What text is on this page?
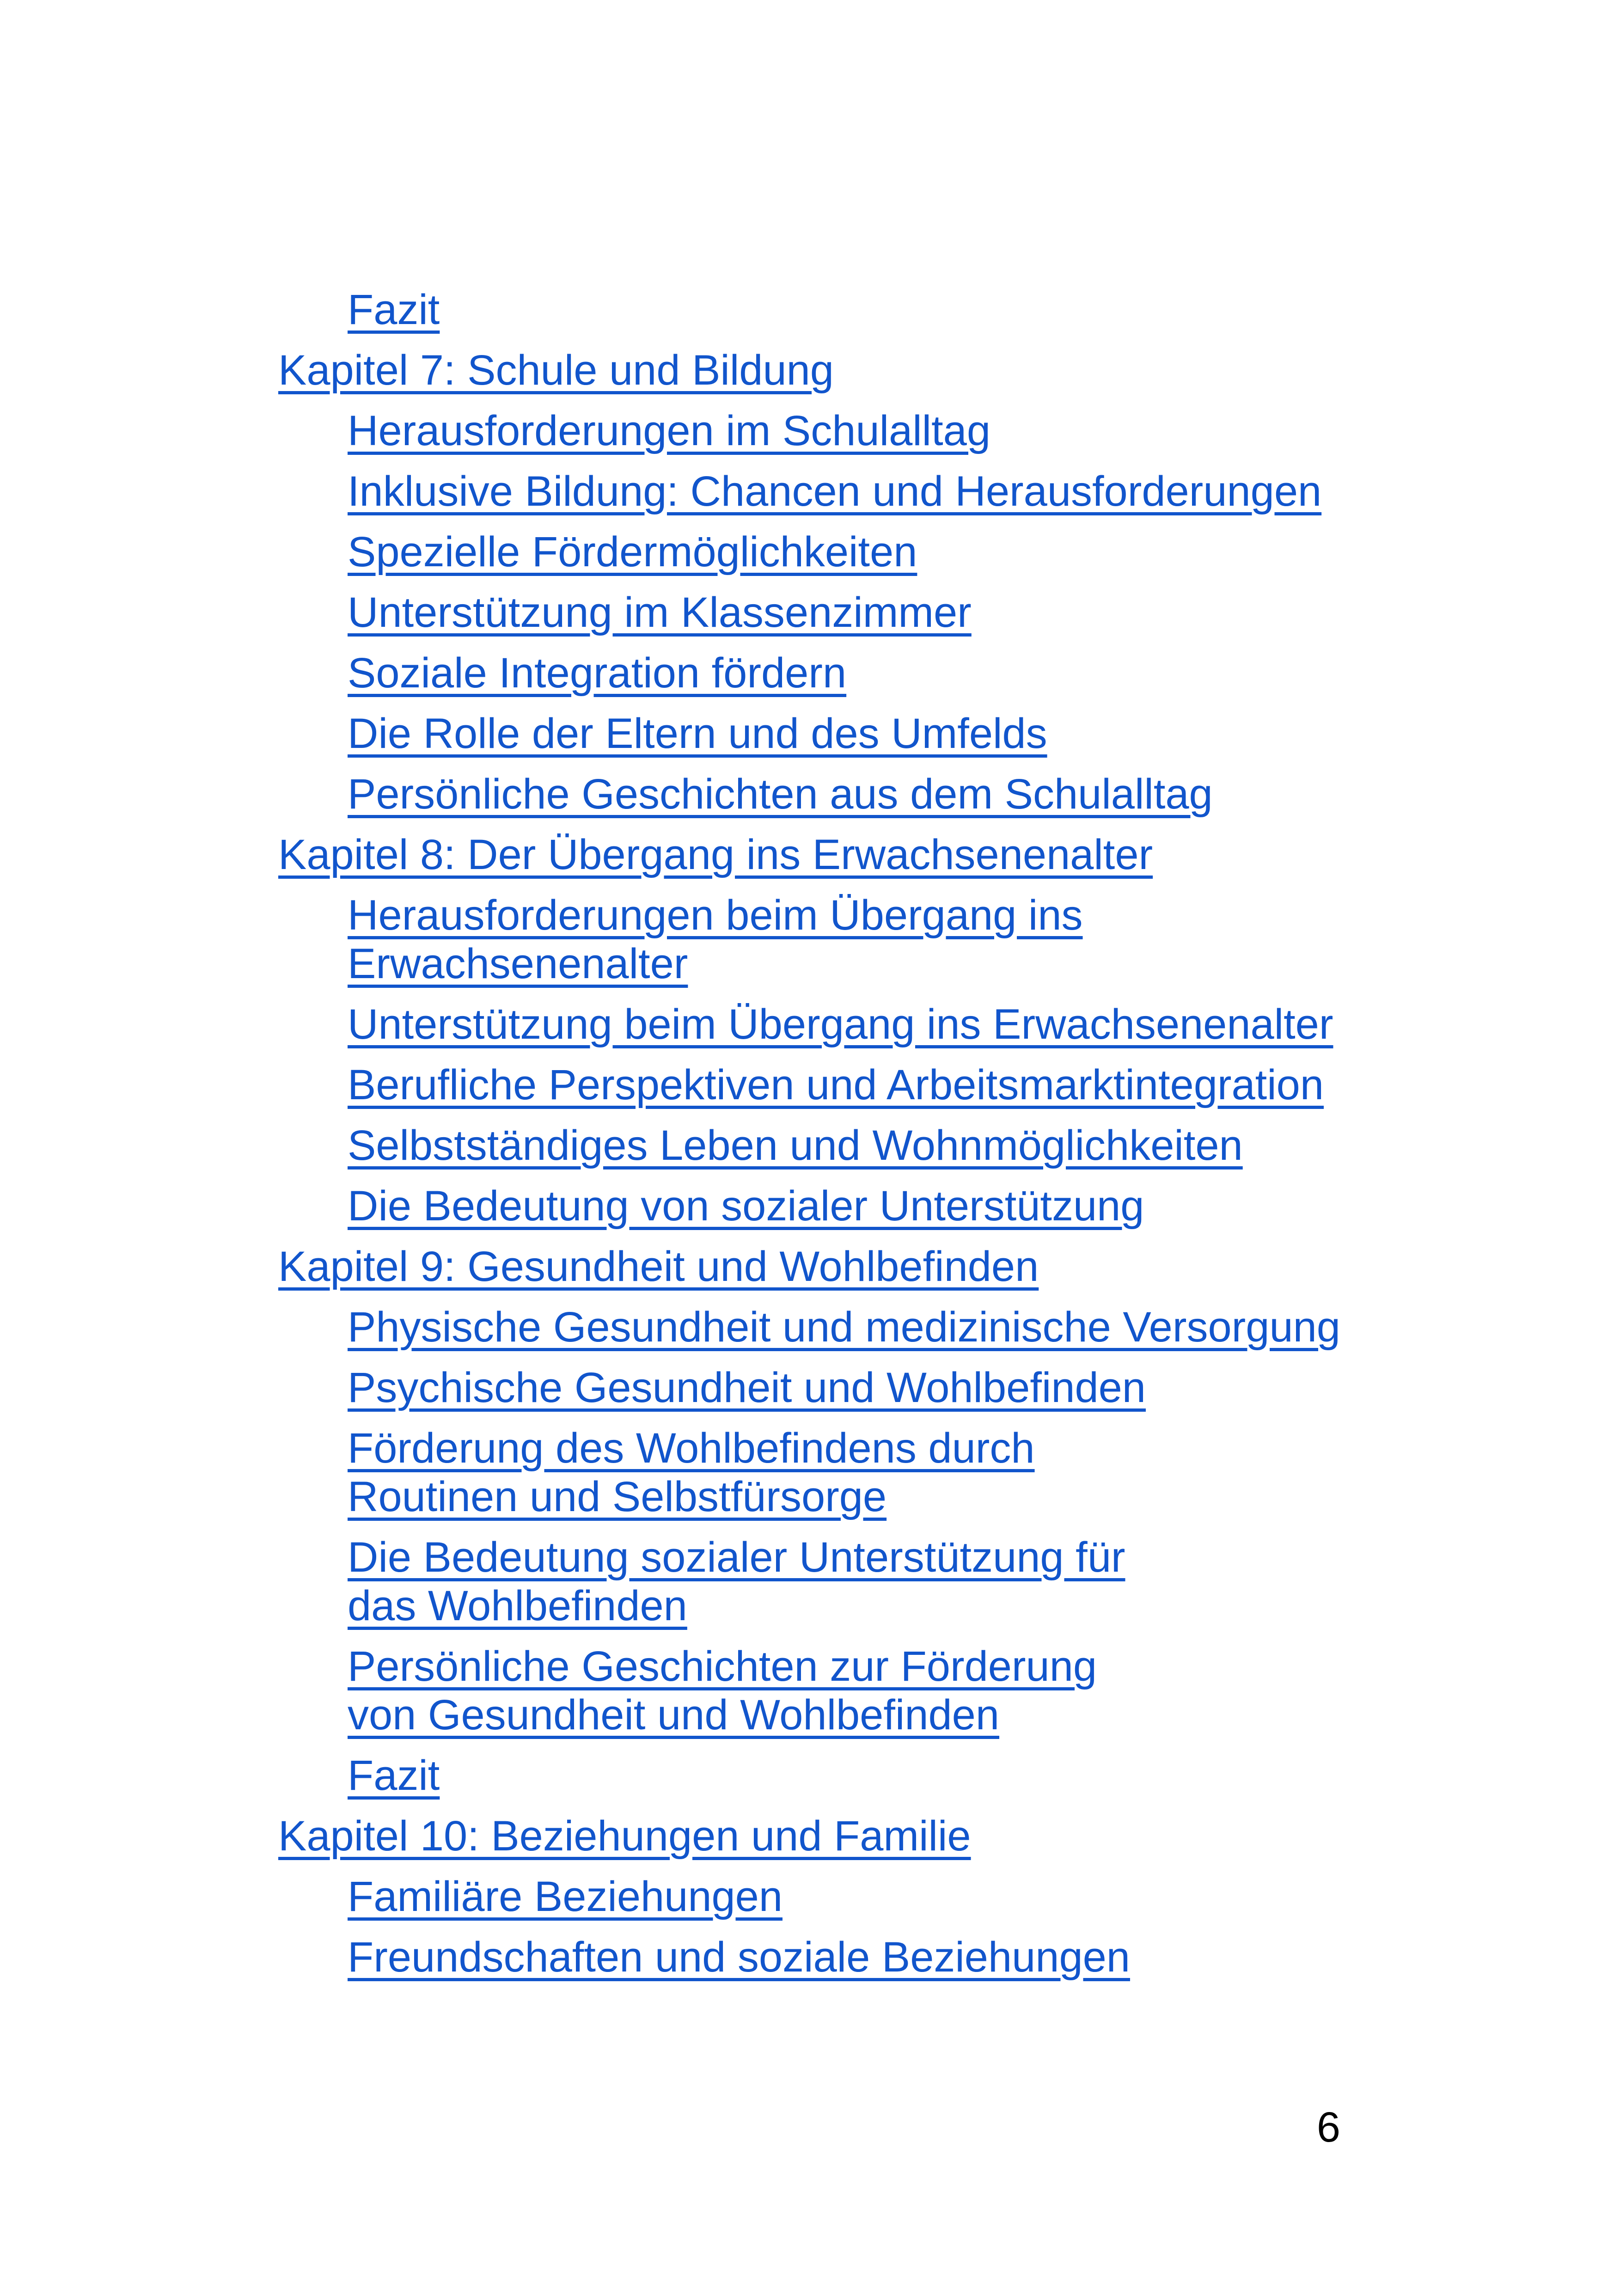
Fazit
Kapitel 7: Schule und Bildung
Herausforderungen im Schulalltag
Inklusive Bildung: Chancen und Herausforderungen
Spezielle Fördermöglichkeiten
Unterstützung im Klassenzimmer
Soziale Integration fördern
Die Rolle der Eltern und des Umfelds
Persönliche Geschichten aus dem Schulalltag
Kapitel 8: Der Übergang ins Erwachsenenalter
Herausforderungen beim Übergang ins Erwachsenenalter
Unterstützung beim Übergang ins Erwachsenenalter
Berufliche Perspektiven und Arbeitsmarktintegration
Selbstständiges Leben und Wohnmöglichkeiten
Die Bedeutung von sozialer Unterstützung
Kapitel 9: Gesundheit und Wohlbefinden
Physische Gesundheit und medizinische Versorgung
Psychische Gesundheit und Wohlbefinden
Förderung des Wohlbefindens durch Routinen und Selbstfürsorge
Die Bedeutung sozialer Unterstützung für das Wohlbefinden
Persönliche Geschichten zur Förderung von Gesundheit und Wohlbefinden
Fazit
Kapitel 10: Beziehungen und Familie
Familiäre Beziehungen
Freundschaften und soziale Beziehungen
6
